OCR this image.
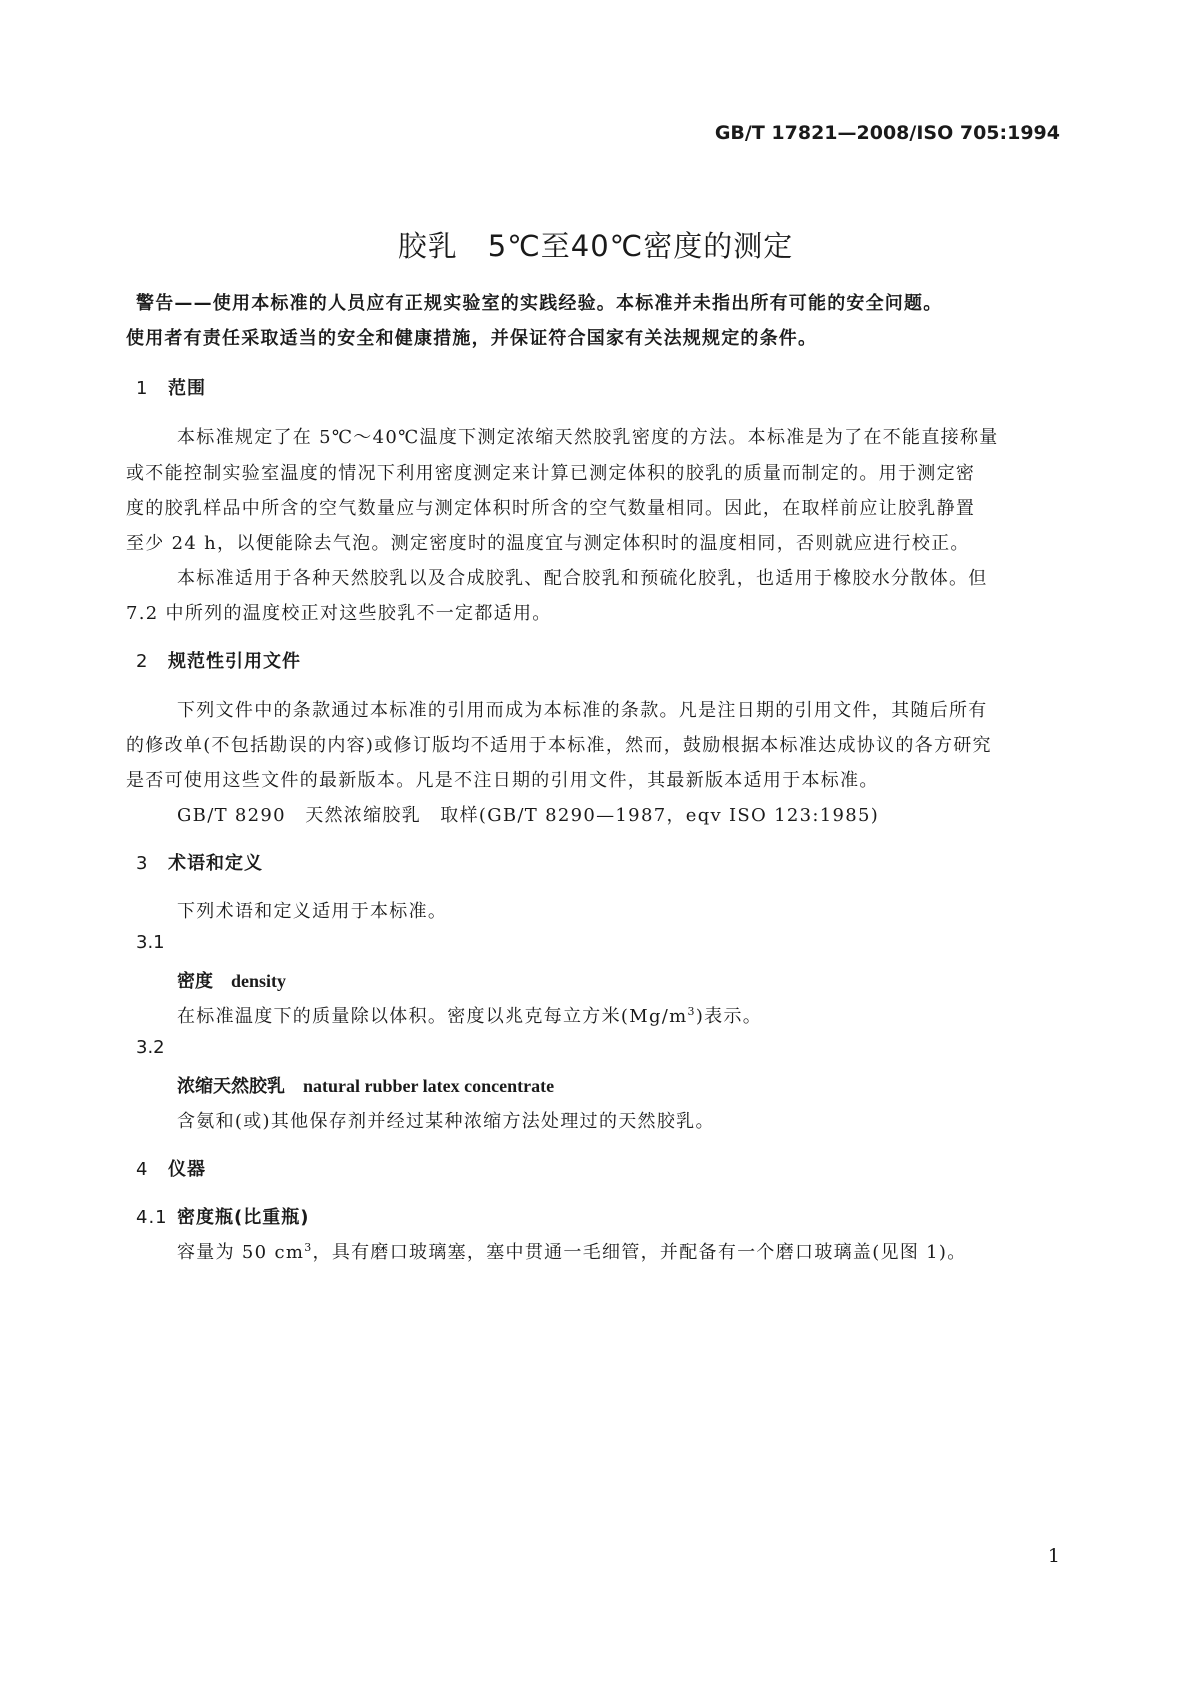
GB/T 17821—2008/ISO 705:1994
胶乳　5℃至40℃密度的测定
警告——使用本标准的人员应有正规实验室的实践经验。本标准并未指出所有可能的安全问题。
使用者有责任采取适当的安全和健康措施，并保证符合国家有关法规规定的条件。
1 范围
本标准规定了在 5℃～40℃温度下测定浓缩天然胶乳密度的方法。本标准是为了在不能直接称量
或不能控制实验室温度的情况下利用密度测定来计算已测定体积的胶乳的质量而制定的。用于测定密
度的胶乳样品中所含的空气数量应与测定体积时所含的空气数量相同。因此，在取样前应让胶乳静置
至少 24 h，以便能除去气泡。测定密度时的温度宜与测定体积时的温度相同，否则就应进行校正。
本标准适用于各种天然胶乳以及合成胶乳、配合胶乳和预硫化胶乳，也适用于橡胶水分散体。但
7.2 中所列的温度校正对这些胶乳不一定都适用。
2 规范性引用文件
下列文件中的条款通过本标准的引用而成为本标准的条款。凡是注日期的引用文件，其随后所有
的修改单(不包括勘误的内容)或修订版均不适用于本标准，然而，鼓励根据本标准达成协议的各方研究
是否可使用这些文件的最新版本。凡是不注日期的引用文件，其最新版本适用于本标准。
GB/T 8290　天然浓缩胶乳　取样(GB/T 8290—1987，eqv ISO 123:1985)
3 术语和定义
下列术语和定义适用于本标准。
3.1
密度　 density
在标准温度下的质量除以体积。密度以兆克每立方米$(Mg/m^3)$表示。
3.2
浓缩天然胶乳　 natural rubber latex concentrate
含氨和(或)其他保存剂并经过某种浓缩方法处理过的天然胶乳。
4 仪器
4.1 密度瓶(比重瓶)
容量为 50 $cm^3$，具有磨口玻璃塞，塞中贯通一毛细管，并配备有一个磨口玻璃盖(见图 1)。
1
